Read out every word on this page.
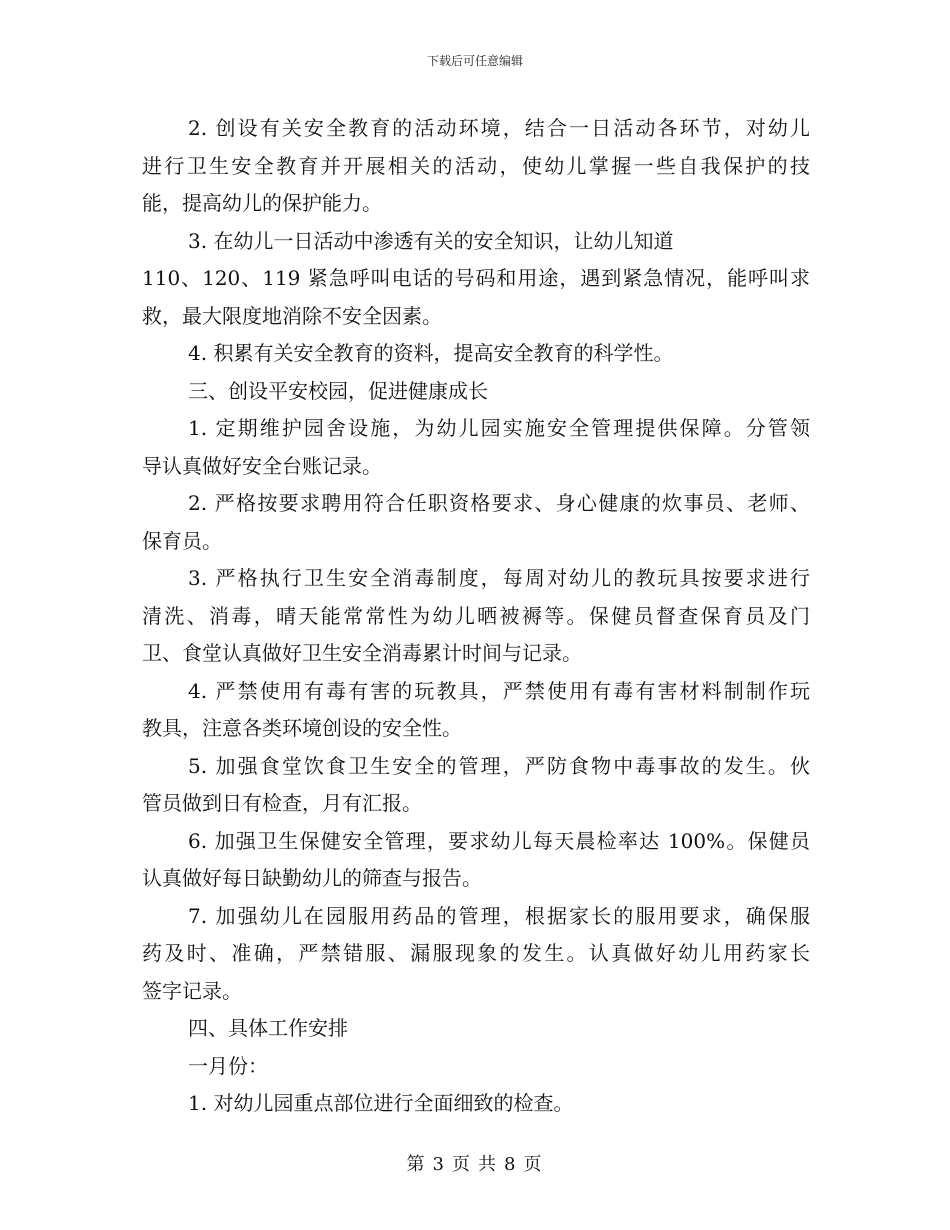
下载后可任意编辑
2. 创设有关安全教育的活动环境，结合一日活动各环节，对幼儿
进行卫生安全教育并开展相关的活动，使幼儿掌握一些自我保护的技
能，提高幼儿的保护能力。
3. 在幼儿一日活动中渗透有关的安全知识，让幼儿知道
110、120、119 紧急呼叫电话的号码和用途，遇到紧急情况，能呼叫求
救，最大限度地消除不安全因素。
4. 积累有关安全教育的资料，提高安全教育的科学性。
三、创设平安校园，促进健康成长
1. 定期维护园舍设施，为幼儿园实施安全管理提供保障。分管领
导认真做好安全台账记录。
2. 严格按要求聘用符合任职资格要求、身心健康的炊事员、老师、
保育员。
3. 严格执行卫生安全消毒制度，每周对幼儿的教玩具按要求进行
清洗、消毒，晴天能常常性为幼儿晒被褥等。保健员督查保育员及门
卫、食堂认真做好卫生安全消毒累计时间与记录。
4. 严禁使用有毒有害的玩教具，严禁使用有毒有害材料制制作玩
教具，注意各类环境创设的安全性。
5. 加强食堂饮食卫生安全的管理，严防食物中毒事故的发生。伙
管员做到日有检查，月有汇报。
6. 加强卫生保健安全管理，要求幼儿每天晨检率达 100%。保健员
认真做好每日缺勤幼儿的筛查与报告。
7. 加强幼儿在园服用药品的管理，根据家长的服用要求，确保服
药及时、准确，严禁错服、漏服现象的发生。认真做好幼儿用药家长
签字记录。
四、具体工作安排
一月份：
1. 对幼儿园重点部位进行全面细致的检查。
第 3 页 共 8 页
